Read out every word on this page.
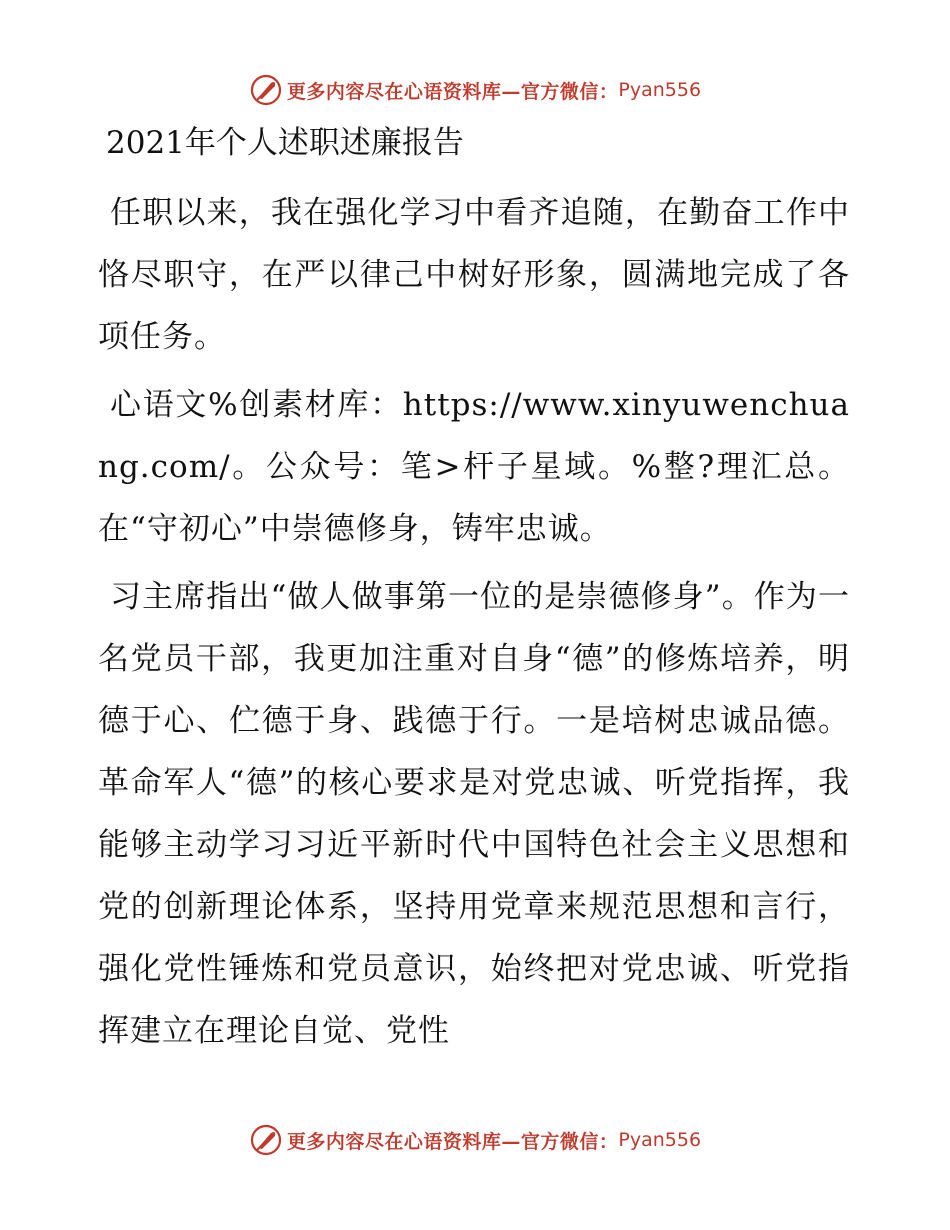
更多内容尽在心语资料库—官方微信： Pyan556
2021年个人述职述廉报告

任职以来，我在强化学习中看齐追随，在勤奋工作中恪尽职守，在严以律己中树好形象，圆满地完成了各项任务。

心语文%创素材库：https://www.xinyuwenchuang.com/。公众号：笔>杆子星域。%整?理汇总。在“守初心”中崇德修身，铸牢忠诚。

习主席指出“做人做事第一位的是崇德修身”。作为一名党员干部，我更加注重对自身“德”的修炼培养，明德于心、伫德于身、践德于行。一是培树忠诚品德。革命军人“德”的核心要求是对党忠诚、听党指挥，我能够主动学习习近平新时代中国特色社会主义思想和党的创新理论体系，坚持用党章来规范思想和言行，强化党性锤炼和党员意识，始终把对党忠诚、听党指挥建立在理论自觉、党性

更多内容尽在心语资料库—官方微信： Pyan556
